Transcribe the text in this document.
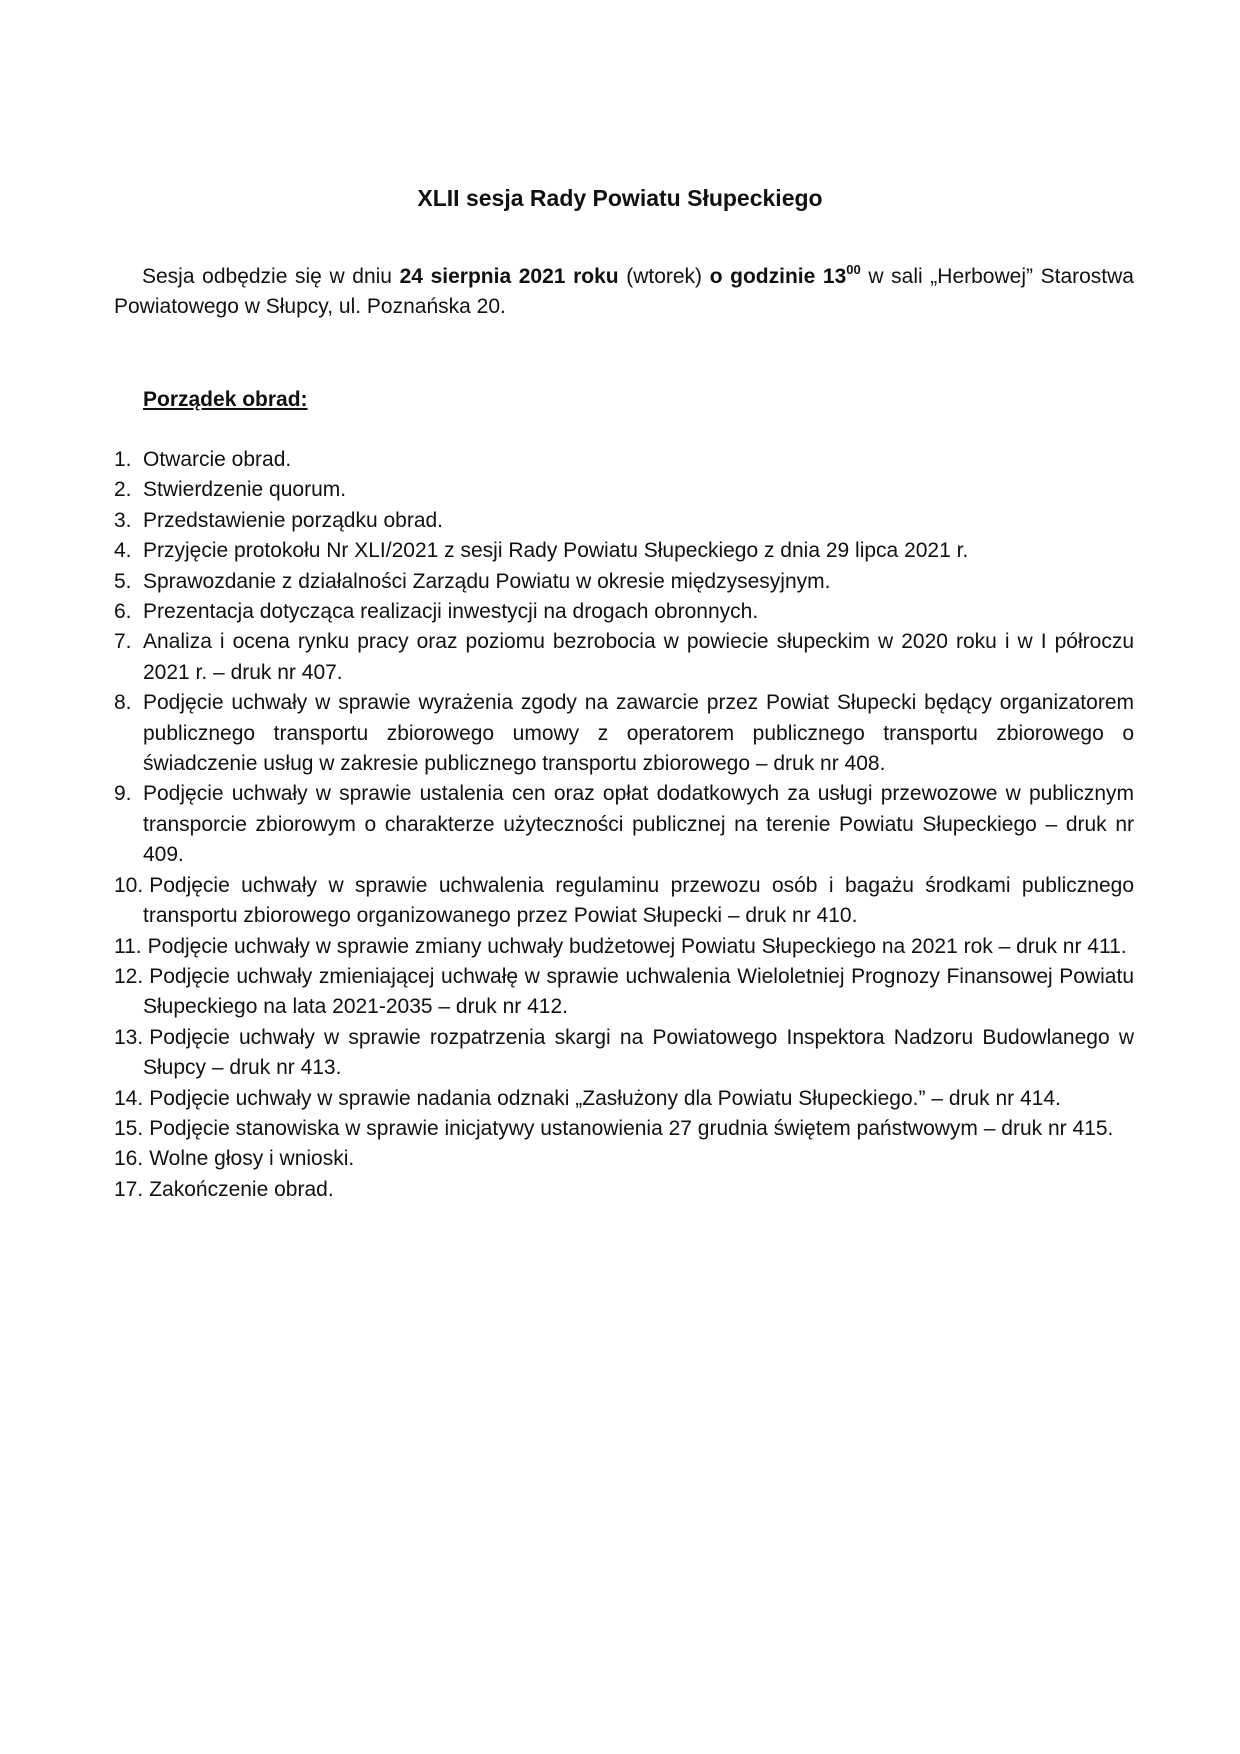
XLII sesja Rady Powiatu Słupeckiego

Sesja odbędzie się w dniu 24 sierpnia 2021 roku (wtorek) o godzinie $13^{00}$ w sali „Herbowej” Starostwa Powiatowego w Słupcy, ul. Poznańska 20.

Porządek obrad:
1. Otwarcie obrad.
2. Stwierdzenie quorum.
3. Przedstawienie porządku obrad.
4. Przyjęcie protokołu Nr XLI/2021 z sesji Rady Powiatu Słupeckiego z dnia 29 lipca 2021 r.
5. Sprawozdanie z działalności Zarządu Powiatu w okresie międzysesyjnym.
6. Prezentacja dotycząca realizacji inwestycji na drogach obronnych.
7. Analiza i ocena rynku pracy oraz poziomu bezrobocia w powiecie słupeckim w 2020 roku i w I półroczu 2021 r. – druk nr 407.
8. Podjęcie uchwały w sprawie wyrażenia zgody na zawarcie przez Powiat Słupecki będący organizatorem publicznego transportu zbiorowego umowy z operatorem publicznego transportu zbiorowego o świadczenie usług w zakresie publicznego transportu zbiorowego – druk nr 408.
9. Podjęcie uchwały w sprawie ustalenia cen oraz opłat dodatkowych za usługi przewozowe w publicznym transporcie zbiorowym o charakterze użyteczności publicznej na terenie Powiatu Słupeckiego – druk nr 409.
10. Podjęcie uchwały w sprawie uchwalenia regulaminu przewozu osób i bagażu środkami publicznego transportu zbiorowego organizowanego przez Powiat Słupecki – druk nr 410.
11. Podjęcie uchwały w sprawie zmiany uchwały budżetowej Powiatu Słupeckiego na 2021 rok – druk nr 411.
12. Podjęcie uchwały zmieniającej uchwałę w sprawie uchwalenia Wieloletniej Prognozy Finansowej Powiatu Słupeckiego na lata 2021-2035 – druk nr 412.
13. Podjęcie uchwały w sprawie rozpatrzenia skargi na Powiatowego Inspektora Nadzoru Budowlanego w Słupcy – druk nr 413.
14. Podjęcie uchwały w sprawie nadania odznaki „Zasłużony dla Powiatu Słupeckiego.” – druk nr 414.
15. Podjęcie stanowiska w sprawie inicjatywy ustanowienia 27 grudnia świętem państwowym – druk nr 415.
16. Wolne głosy i wnioski.
17. Zakończenie obrad.
